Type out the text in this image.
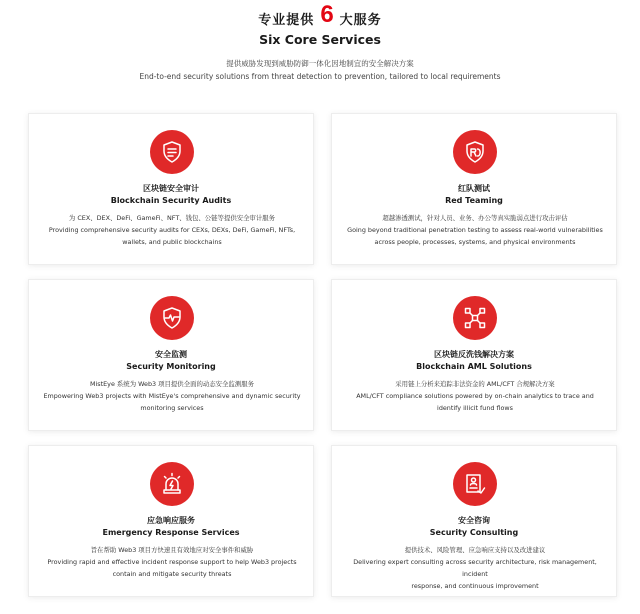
专业提供 6 大服务
Six Core Services
提供威胁发现到威胁防御一体化因地制宜的安全解决方案
End-to-end security solutions from threat detection to prevention, tailored to local requirements
区块链安全审计
Blockchain Security Audits
为 CEX、DEX、DeFi、GameFi、NFT、钱包、公链等提供安全审计服务
Providing comprehensive security audits for CEXs, DEXs, DeFi, GameFi, NFTs,
wallets, and public blockchains
红队测试
Red Teaming
超越渗透测试，针对人员、业务、办公等真实脆弱点进行攻击评估
Going beyond traditional penetration testing to assess real-world vulnerabilities
across people, processes, systems, and physical environments
安全监测
Security Monitoring
MistEye 系统为 Web3 项目提供全面的动态安全监测服务
Empowering Web3 projects with MistEye's comprehensive and dynamic security
monitoring services
区块链反洗钱解决方案
Blockchain AML Solutions
采用链上分析来追踪非法资金的 AML/CFT 合规解决方案
AML/CFT compliance solutions powered by on-chain analytics to trace and
identify illicit fund flows
应急响应服务
Emergency Response Services
旨在帮助 Web3 项目方快速且有效地应对安全事件和威胁
Providing rapid and effective incident response support to help Web3 projects
contain and mitigate security threats
安全咨询
Security Consulting
提供技术、风险管理、应急响应支持以及改进建议
Delivering expert consulting across security architecture, risk management, incident
response, and continuous improvement
